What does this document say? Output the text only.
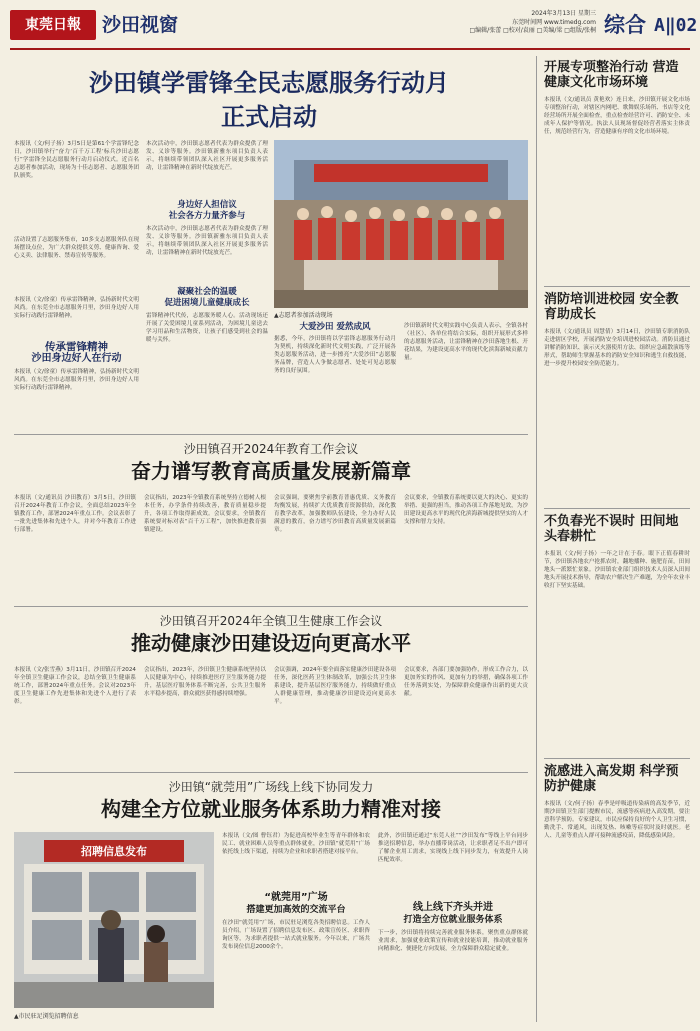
東莞日報	沙田视窗
2024年3月13日 星期三
东莞时间网 www.timedg.com
□编辑/张蕾 □校对/袁丽 □美编/梁 □组版/张桐 综合 A‖02
沙田镇学雷锋全民志愿服务行动月
正式启动
本报讯（文/何子扬）3月5日是第61个学雷锋纪念日，沙田镇举行“奋力‘百千万工程’标兵沙田志愿行”学雷锋全民志愿服务行动月启动仪式。近百名志愿者参加活动，现场为十佳志愿者、志愿服务团队颁奖。
活动设置了志愿服务集市，10多支志愿服务队在现场摆设点位，为广大群众提供义剪、健康咨询、爱心义卖、法律服务、禁毒宣传等服务。
本报讯（文/徐童）传承雷锋精神，弘扬新时代文明风尚。在东莞全市志愿服务月里，沙田身边好人用实际行动践行雷锋精神。
传承雷锋精神
沙田身边好人在行动
本报讯（文/徐童）传承雷锋精神，弘扬新时代文明风尚。在东莞全市志愿服务月里，沙田身边好人用实际行动践行雷锋精神。
本次活动中，沙田镇志愿者代表为群众提供了理发、义诊等服务。沙田镇新雅东项目负责人表示，将继续带领团队深入社区开展更多服务活动，让雷锋精神在新时代绽放光芒。
身边好人担信议
社会各方力量齐参与
本次活动中，沙田镇志愿者代表为群众提供了理发、义诊等服务。沙田镇新雅东项目负责人表示，将继续带领团队深入社区开展更多服务活动，让雷锋精神在新时代绽放光芒。
凝聚社会的温暖
促进困境儿童健康成长
雷锋精神代代传，志愿服务暖人心。活动现场还开展了关爱困境儿童系列活动，为困境儿童送去学习用品和生活物资，让孩子们感受到社会的温暖与关怀。
▲志愿者参加活动现场
大爱沙田 爱然成风
据悉，今年，沙田镇将以学雷锋志愿服务行动月为契机，持续深化新时代文明实践，广泛开展各类志愿服务活动，进一步擦亮“大爱沙田”志愿服务品牌，营造人人争做志愿者、处处可见志愿服务的良好氛围。
沙田镇新时代文明实践中心负责人表示，全镇各村（社区）、各单位将结合实际，组织开展形式多样的志愿服务活动，让雷锋精神在沙田落地生根、开花结果，为建设更高水平的现代化滨海新城贡献力量。
沙田镇召开2024年教育工作会议
奋力谱写教育高质量发展新篇章
本报讯（文/通讯员 沙田教育）3月5日，沙田镇召开2024年教育工作会议，全面总结2023年全镇教育工作，部署2024年重点工作。会议表彰了一批先进集体和先进个人，并对今年教育工作进行部署。
会议指出，2023年全镇教育系统坚持立德树人根本任务，办学条件持续改善，教育质量稳步提升，各项工作取得新成效。会议要求，全镇教育系统要对标对表“百千万工程”，加快推进教育强镇建设。
会议强调，要聚焦学前教育普惠优质、义务教育均衡发展，持续扩大优质教育资源供给，深化教育教学改革，加强教师队伍建设，全力办好人民满意的教育，奋力谱写沙田教育高质量发展新篇章。
会议要求，全镇教育系统要以更大的决心、更实的举措、更强的担当，推动各项工作落地见效，为沙田建设更高水平的现代化滨海新城提供坚实的人才支撑和智力支持。
沙田镇召开2024年全镇卫生健康工作会议
推动健康沙田建设迈向更高水平
本报讯（文/张雪燕）3月11日，沙田镇召开2024年全镇卫生健康工作会议，总结全镇卫生健康系统工作，部署2024年重点任务。会议对2023年度卫生健康工作先进集体和先进个人进行了表彰。
会议指出，2023年，沙田镇卫生健康系统坚持以人民健康为中心，持续推进医疗卫生服务能力提升，基层医疗服务体系不断完善，公共卫生服务水平稳步提高，群众就医获得感持续增强。
会议强调，2024年要全面落实健康沙田建设各项任务，深化医药卫生体制改革，加强公共卫生体系建设，提升基层医疗服务能力，持续做好重点人群健康管理，推动健康沙田建设迈向更高水平。
会议要求，各部门要加强协作，形成工作合力，以更加务实的作风、更加有力的举措，确保各项工作任务落到实处，为保障群众健康作出新的更大贡献。
沙田镇“就莞用”广场线上线下协同发力
构建全方位就业服务体系助力精准对接
招聘信息发布
▲市民驻足浏览招聘信息
本报讯（文/图 曹钰君）为促进高校毕业生等青年群体和农民工、就业困难人员等重点群体就业，沙田镇“就莞用”广场依托线上线下渠道，持续为企业和求职者搭建对接平台。
“就莞用”广场
搭建更加高效的交流平台
在沙田“就莞用”广场，市民驻足浏览各类招聘信息。工作人员介绍，广场设置了招聘信息发布区、政策宣传区、求职咨询区等，为求职者提供一站式就业服务。今年以来，广场共发布岗位信息2000余个。
此外，沙田镇还通过“东莞人社”“沙田发布”等线上平台同步推送招聘信息，举办直播带岗活动，让求职者足不出户即可了解企业用工需求，实现线上线下同步发力，有效提升人岗匹配效率。
线上线下齐头并进
打造全方位就业服务体系
下一步，沙田镇将持续完善就业服务体系，聚焦重点群体就业需求，加强就业政策宣传和就业技能培训，推动就业服务向精准化、便捷化方向发展，全力保障群众稳定就业。
开展专项整治行动 营造健康文化市场环境
本报讯（文/通讯员 黄艳欢）连日来，沙田镇开展文化市场专项整治行动，对辖区内网吧、歌舞娱乐场所、书店等文化经营场所开展全面检查，重点检查经营许可、消防安全、未成年人保护等情况。执法人员现场督促经营者落实主体责任，规范经营行为，营造健康有序的文化市场环境。
消防培训进校园 安全教育助成长
本报讯（文/通讯员 周慧倩）3月14日，沙田镇专职消防队走进辖区学校，开展消防安全培训进校园活动。消防员通过讲解消防知识、演示灭火器使用方法、组织应急疏散演练等形式，帮助师生掌握基本的消防安全知识和逃生自救技能，进一步提升校园安全防范能力。
不负春光不误时 田间地头春耕忙
本报讯（文/何子扬）一年之计在于春。眼下正值春耕时节，沙田镇各地农户抢抓农时，翻地播种、施肥育苗，田间地头一派繁忙景象。沙田镇农业部门组织技术人员深入田间地头开展技术指导，帮助农户解决生产难题，为全年农业丰收打下坚实基础。
流感进入高发期 科学预防护健康
本报讯（文/何子扬）春季是呼吸道传染病的高发季节，近期沙田镇卫生部门提醒市民，流感等疾病进入高发期，要注意科学预防。专家建议，市民应保持良好的个人卫生习惯，勤洗手、常通风，出现发热、咳嗽等症状时及时就医。老人、儿童等重点人群可接种流感疫苗，降低感染风险。
